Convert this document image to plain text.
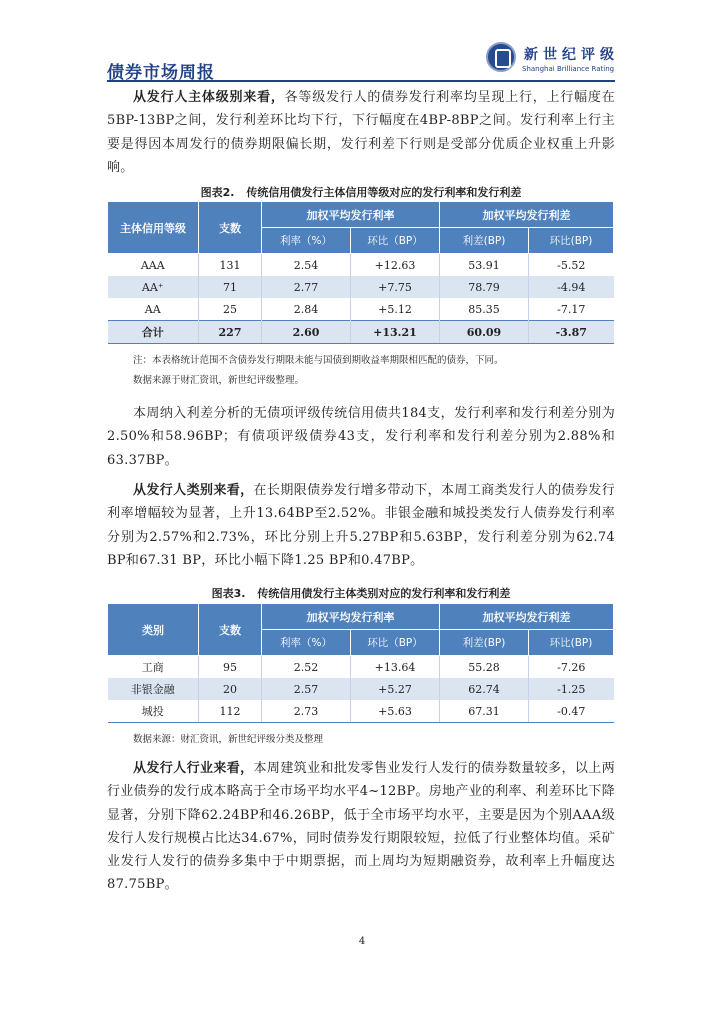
债券市场周报
新世纪评级
Shanghai Brilliance Rating

从发行人主体级别来看，各等级发行人的债券发行利率均呈现上行，上行幅度在5BP-13BP之间，发行利差环比均下行，下行幅度在4BP-8BP之间。发行利率上行主要是得因本周发行的债券期限偏长期，发行利差下行则是受部分优质企业权重上升影响。

图表2. 传统信用债发行主体信用等级对应的发行利率和发行利差
主体信用等级	支数	加权平均发行利率		加权平均发行利差	
		利率（%）	环比（BP）	利差(BP)	环比(BP)
AAA	131	2.54	+12.63	53.91	-5.52
AA⁺	71	2.77	+7.75	78.79	-4.94
AA	25	2.84	+5.12	85.35	-7.17
合计	227	2.60	+13.21	60.09	-3.87
注：本表格统计范围不含债券发行期限未能与国债到期收益率期限相匹配的债券，下同。
数据来源于财汇资讯，新世纪评级整理。

本周纳入利差分析的无债项评级传统信用债共184支，发行利率和发行利差分别为2.50%和58.96BP；有债项评级债券43支，发行利率和发行利差分别为2.88%和63.37BP。

从发行人类别来看，在长期限债券发行增多带动下，本周工商类发行人的债券发行利率增幅较为显著，上升13.64BP至2.52%。非银金融和城投类发行人债券发行利率分别为2.57%和2.73%，环比分别上升5.27BP和5.63BP，发行利差分别为62.74 BP和67.31 BP，环比小幅下降1.25 BP和0.47BP。

图表3. 传统信用债发行主体类别对应的发行利率和发行利差
类别	支数	加权平均发行利率		加权平均发行利差	
		利率（%）	环比（BP）	利差(BP)	环比(BP)
工商	95	2.52	+13.64	55.28	-7.26
非银金融	20	2.57	+5.27	62.74	-1.25
城投	112	2.73	+5.63	67.31	-0.47
数据来源：财汇资讯，新世纪评级分类及整理

从发行人行业来看，本周建筑业和批发零售业发行人发行的债券数量较多，以上两行业债券的发行成本略高于全市场平均水平4~12BP。房地产业的利率、利差环比下降显著，分别下降62.24BP和46.26BP，低于全市场平均水平，主要是因为个别AAA级发行人发行规模占比达34.67%，同时债券发行期限较短，拉低了行业整体均值。采矿业发行人发行的债券多集中于中期票据，而上周均为短期融资券，故利率上升幅度达87.75BP。

4
